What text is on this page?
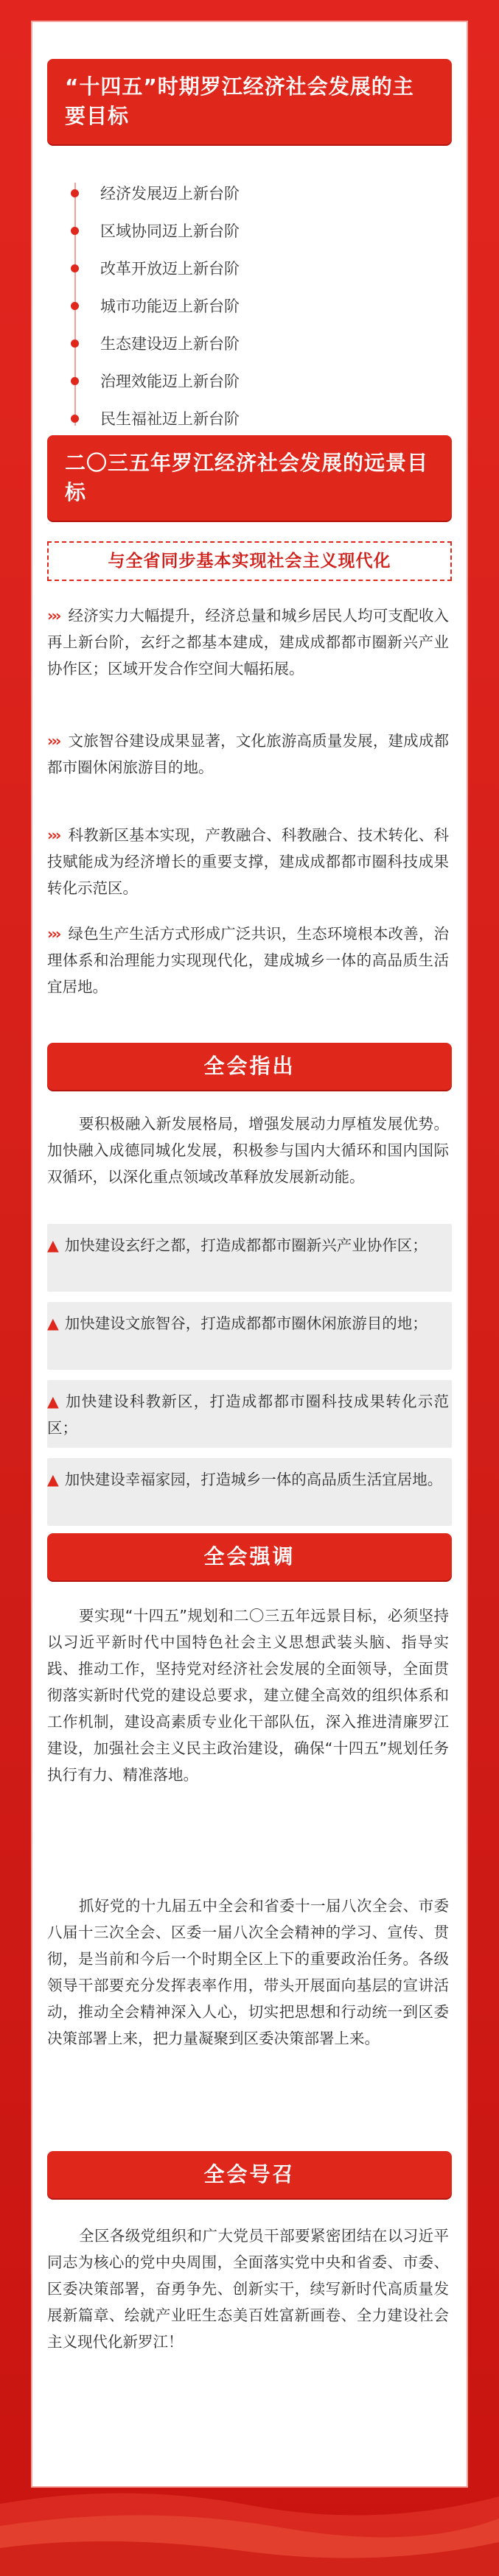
“十四五”时期罗江经济社会发展的主要目标
经济发展迈上新台阶
区域协同迈上新台阶
改革开放迈上新台阶
城市功能迈上新台阶
生态建设迈上新台阶
治理效能迈上新台阶
民生福祉迈上新台阶
二〇三五年罗江经济社会发展的远景目标
与全省同步基本实现社会主义现代化
››› 经济实力大幅提升，经济总量和城乡居民人均可支配收入再上新台阶，玄纡之都基本建成，建成成都都市圈新兴产业协作区；区域开发合作空间大幅拓展。
››› 文旅智谷建设成果显著，文化旅游高质量发展，建成成都都市圈休闲旅游目的地。
››› 科教新区基本实现，产教融合、科教融合、技术转化、科技赋能成为经济增长的重要支撑，建成成都都市圈科技成果转化示范区。
››› 绿色生产生活方式形成广泛共识，生态环境根本改善，治理体系和治理能力实现现代化，建成城乡一体的高品质生活宜居地。
全会指出
要积极融入新发展格局，增强发展动力厚植发展优势。加快融入成德同城化发展，积极参与国内大循环和国内国际双循环，以深化重点领域改革释放发展新动能。
▲ 加快建设玄纡之都，打造成都都市圈新兴产业协作区；
▲ 加快建设文旅智谷，打造成都都市圈休闲旅游目的地；
▲ 加快建设科教新区，打造成都都市圈科技成果转化示范区；
▲ 加快建设幸福家园，打造城乡一体的高品质生活宜居地。
全会强调
要实现“十四五”规划和二〇三五年远景目标，必须坚持以习近平新时代中国特色社会主义思想武装头脑、指导实践、推动工作，坚持党对经济社会发展的全面领导，全面贯彻落实新时代党的建设总要求，建立健全高效的组织体系和工作机制，建设高素质专业化干部队伍，深入推进清廉罗江建设，加强社会主义民主政治建设，确保“十四五”规划任务执行有力、精准落地。
抓好党的十九届五中全会和省委十一届八次全会、市委八届十三次全会、区委一届八次全会精神的学习、宣传、贯彻，是当前和今后一个时期全区上下的重要政治任务。各级领导干部要充分发挥表率作用，带头开展面向基层的宣讲活动，推动全会精神深入人心，切实把思想和行动统一到区委决策部署上来，把力量凝聚到区委决策部署上来。
全会号召
全区各级党组织和广大党员干部要紧密团结在以习近平同志为核心的党中央周围，全面落实党中央和省委、市委、区委决策部署，奋勇争先、创新实干，续写新时代高质量发展新篇章、绘就产业旺生态美百姓富新画卷、全力建设社会主义现代化新罗江！
